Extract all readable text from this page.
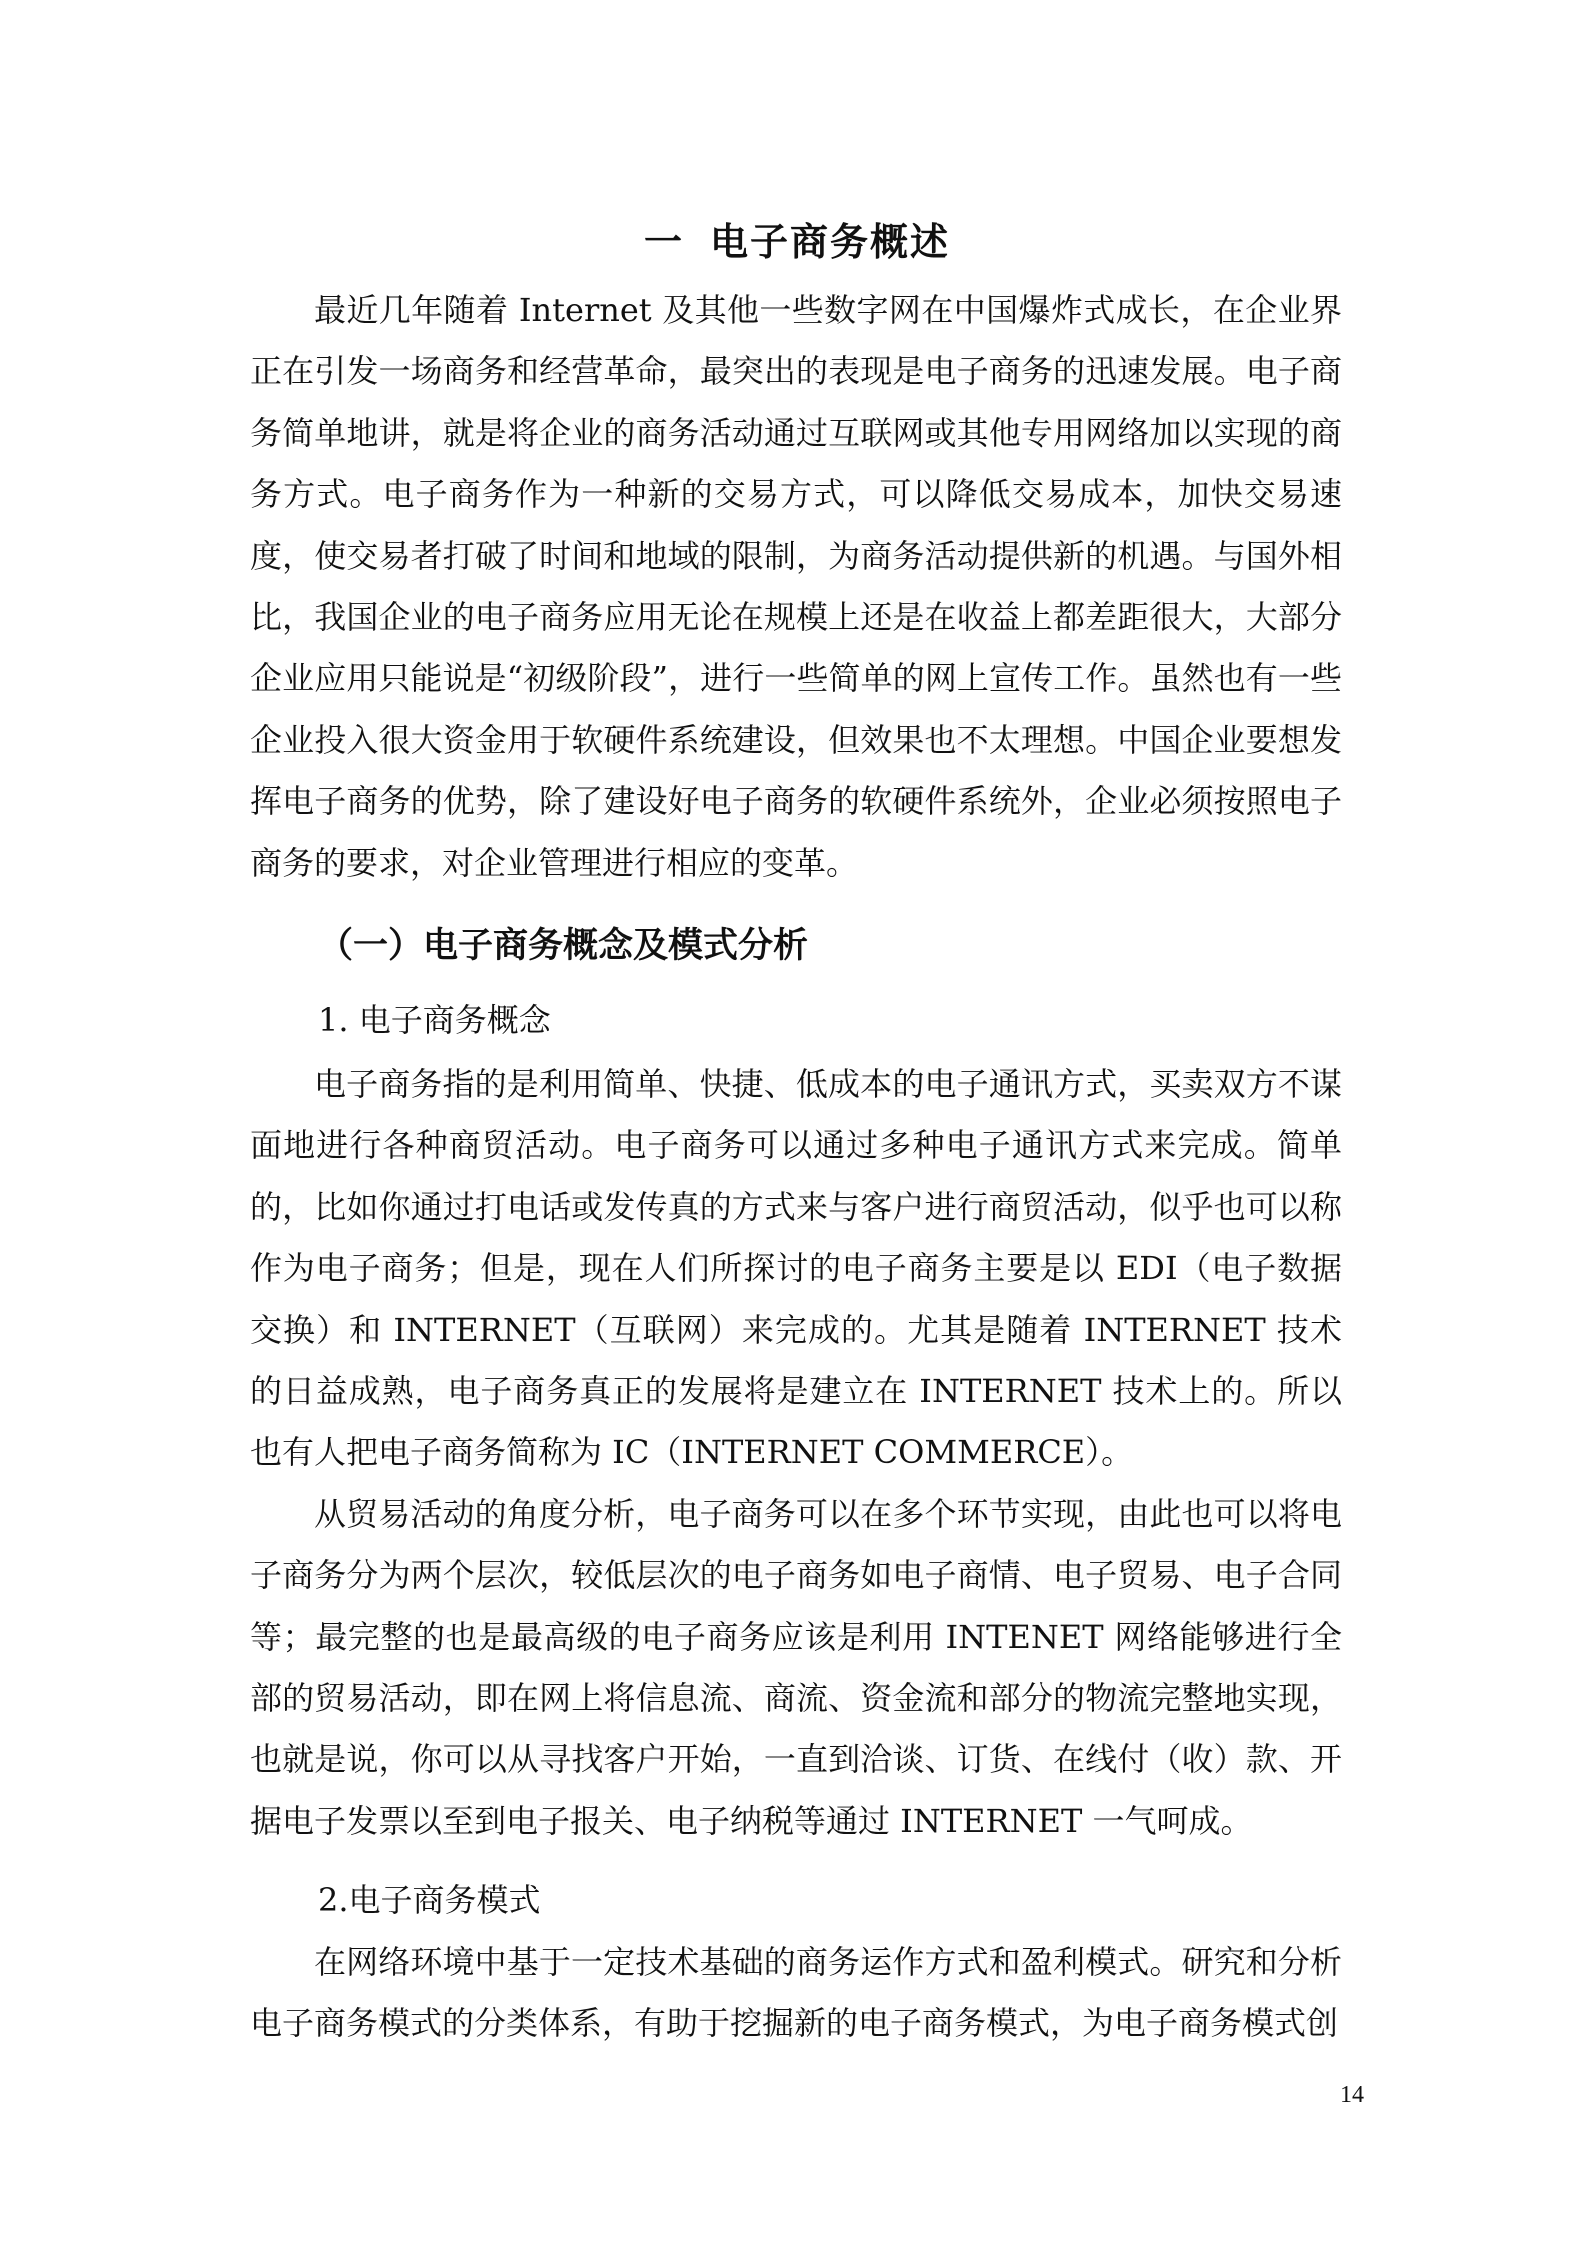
一 电子商务概述

最近几年随着 Internet 及其他一些数字网在中国爆炸式成长，在企业界正在引发一场商务和经营革命，最突出的表现是电子商务的迅速发展。电子商务简单地讲，就是将企业的商务活动通过互联网或其他专用网络加以实现的商务方式。电子商务作为一种新的交易方式，可以降低交易成本，加快交易速度，使交易者打破了时间和地域的限制，为商务活动提供新的机遇。与国外相比，我国企业的电子商务应用无论在规模上还是在收益上都差距很大，大部分企业应用只能说是“初级阶段”，进行一些简单的网上宣传工作。虽然也有一些企业投入很大资金用于软硬件系统建设，但效果也不太理想。中国企业要想发挥电子商务的优势，除了建设好电子商务的软硬件系统外，企业必须按照电子商务的要求，对企业管理进行相应的变革。

（一）电子商务概念及模式分析
1. 电子商务概念

电子商务指的是利用简单、快捷、低成本的电子通讯方式，买卖双方不谋面地进行各种商贸活动。电子商务可以通过多种电子通讯方式来完成。简单的，比如你通过打电话或发传真的方式来与客户进行商贸活动，似乎也可以称作为电子商务；但是，现在人们所探讨的电子商务主要是以 EDI（电子数据交换）和 INTERNET（互联网）来完成的。尤其是随着 INTERNET 技术的日益成熟，电子商务真正的发展将是建立在 INTERNET 技术上的。所以也有人把电子商务简称为 IC（INTERNET COMMERCE）。

从贸易活动的角度分析，电子商务可以在多个环节实现，由此也可以将电子商务分为两个层次，较低层次的电子商务如电子商情、电子贸易、电子合同等；最完整的也是最高级的电子商务应该是利用 INTENET 网络能够进行全部的贸易活动，即在网上将信息流、商流、资金流和部分的物流完整地实现，也就是说，你可以从寻找客户开始，一直到洽谈、订货、在线付（收）款、开据电子发票以至到电子报关、电子纳税等通过 INTERNET 一气呵成。

2.电子商务模式

在网络环境中基于一定技术基础的商务运作方式和盈利模式。研究和分析电子商务模式的分类体系，有助于挖掘新的电子商务模式，为电子商务模式创

14
